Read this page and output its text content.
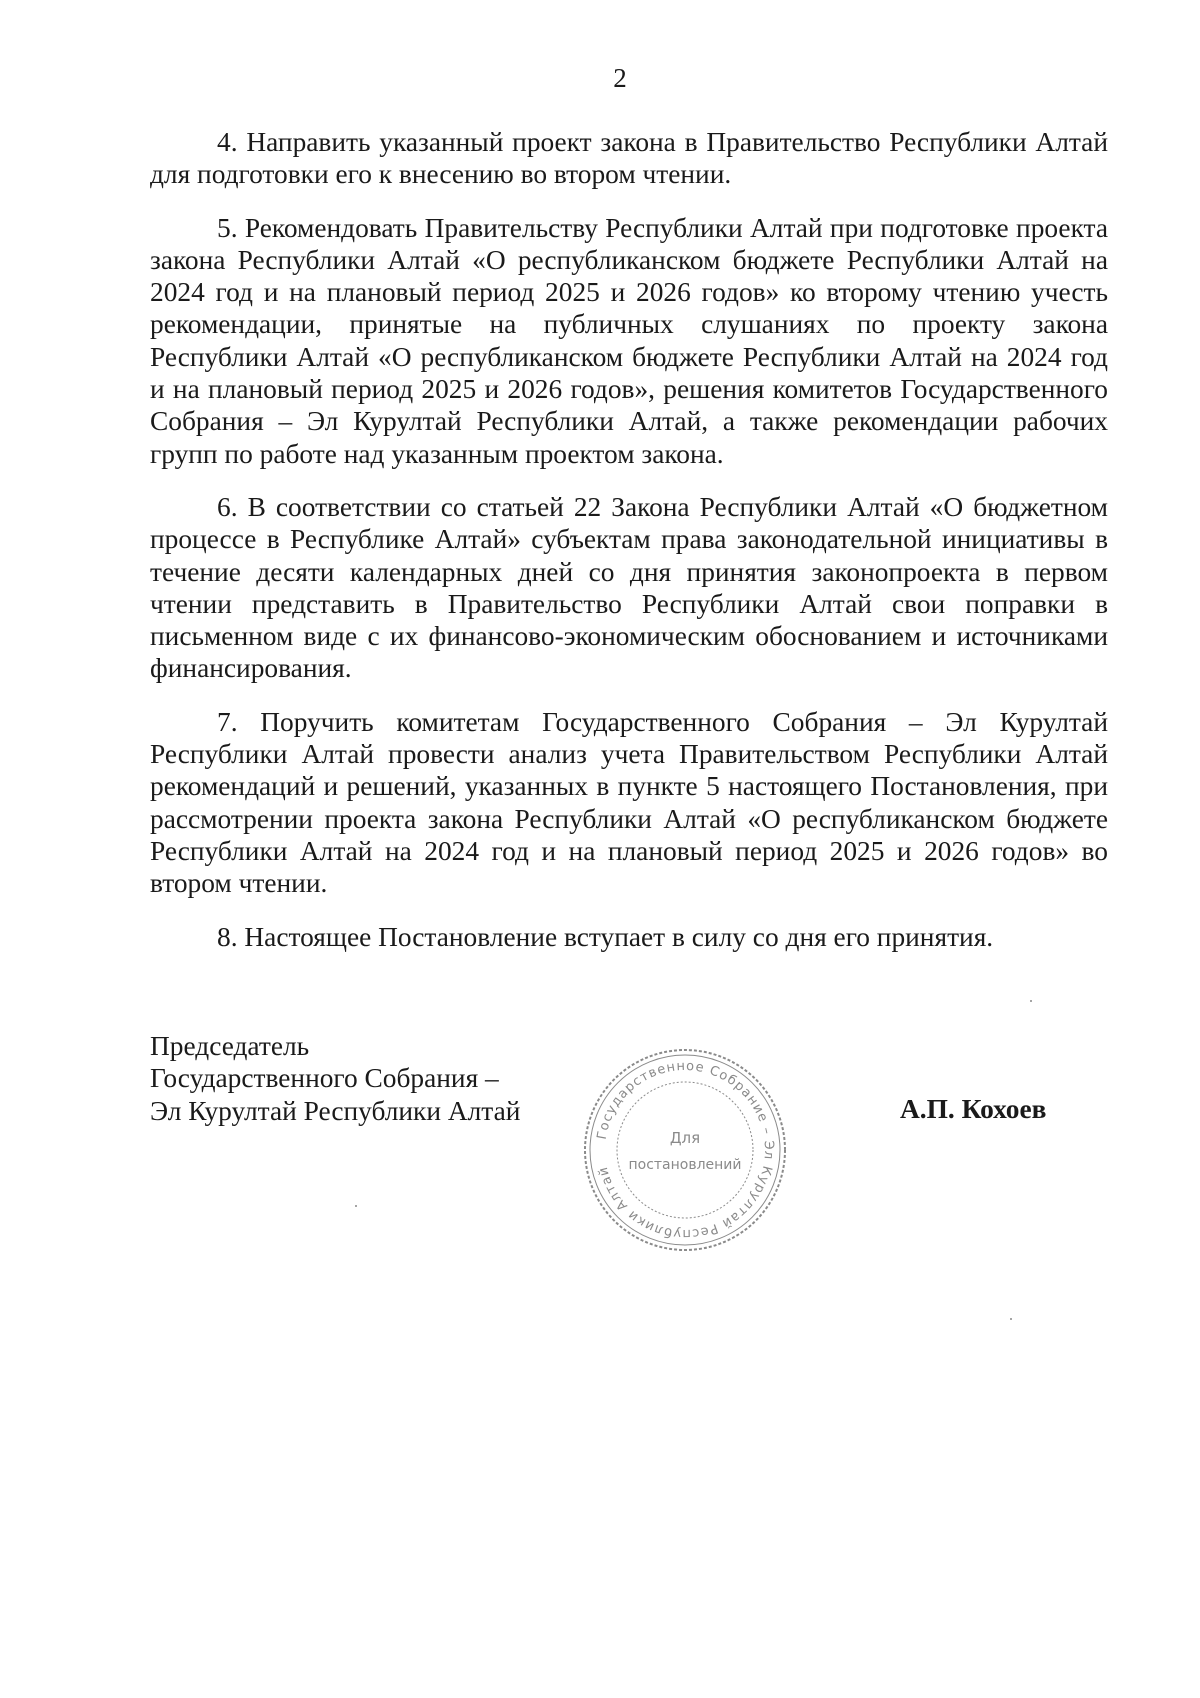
2

4. Направить указанный проект закона в Правительство Республики Алтай для подготовки его к внесению во втором чтении.

5. Рекомендовать Правительству Республики Алтай при подготовке проекта закона Республики Алтай «О республиканском бюджете Республики Алтай на 2024 год и на плановый период 2025 и 2026 годов» ко второму чтению учесть рекомендации, принятые на публичных слушаниях по проекту закона Республики Алтай «О республиканском бюджете Республики Алтай на 2024 год и на плановый период 2025 и 2026 годов», решения комитетов Государственного Собрания – Эл Курултай Республики Алтай, а также рекомендации рабочих групп по работе над указанным проектом закона.

6. В соответствии со статьей 22 Закона Республики Алтай «О бюджетном процессе в Республике Алтай» субъектам права законодательной инициативы в течение десяти календарных дней со дня принятия законопроекта в первом чтении представить в Правительство Республики Алтай свои поправки в письменном виде с их финансово-экономическим обоснованием и источниками финансирования.

7. Поручить комитетам Государственного Собрания – Эл Курултай Республики Алтай провести анализ учета Правительством Республики Алтай рекомендаций и решений, указанных в пункте 5 настоящего Постановления, при рассмотрении проекта закона Республики Алтай «О республиканском бюджете Республики Алтай на 2024 год и на плановый период 2025 и 2026 годов» во втором чтении.

8. Настоящее Постановление вступает в силу со дня его принятия.

Председатель
Государственного Собрания –
Эл Курултай Республики Алтай	А.П. Кохоев
Государственное Собрание – Эл Курултай Республики Алтай
Для
постановлений
